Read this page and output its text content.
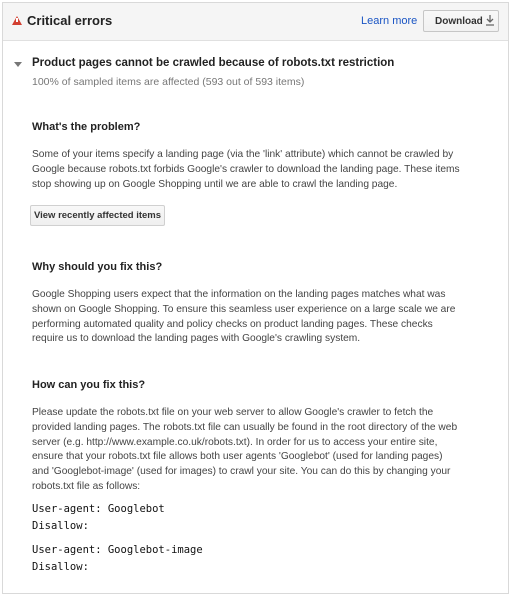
Critical errors	Learn more Download
Product pages cannot be crawled because of robots.txt restriction
100% of sampled items are affected (593 out of 593 items)
What's the problem?
Some of your items specify a landing page (via the 'link' attribute) which cannot be crawled by Google because robots.txt forbids Google's crawler to download the landing page. These items stop showing up on Google Shopping until we are able to crawl the landing page.
View recently affected items
Why should you fix this?
Google Shopping users expect that the information on the landing pages matches what was shown on Google Shopping. To ensure this seamless user experience on a large scale we are performing automated quality and policy checks on product landing pages. These checks require us to download the landing pages with Google's crawling system.
How can you fix this?
Please update the robots.txt file on your web server to allow Google's crawler to fetch the provided landing pages. The robots.txt file can usually be found in the root directory of the web server (e.g. http://www.example.co.uk/robots.txt). In order for us to access your entire site, ensure that your robots.txt file allows both user agents 'Googlebot' (used for landing pages) and 'Googlebot-image' (used for images) to crawl your site. You can do this by changing your robots.txt file as follows:
User-agent: Googlebot
Disallow:
User-agent: Googlebot-image
Disallow:
